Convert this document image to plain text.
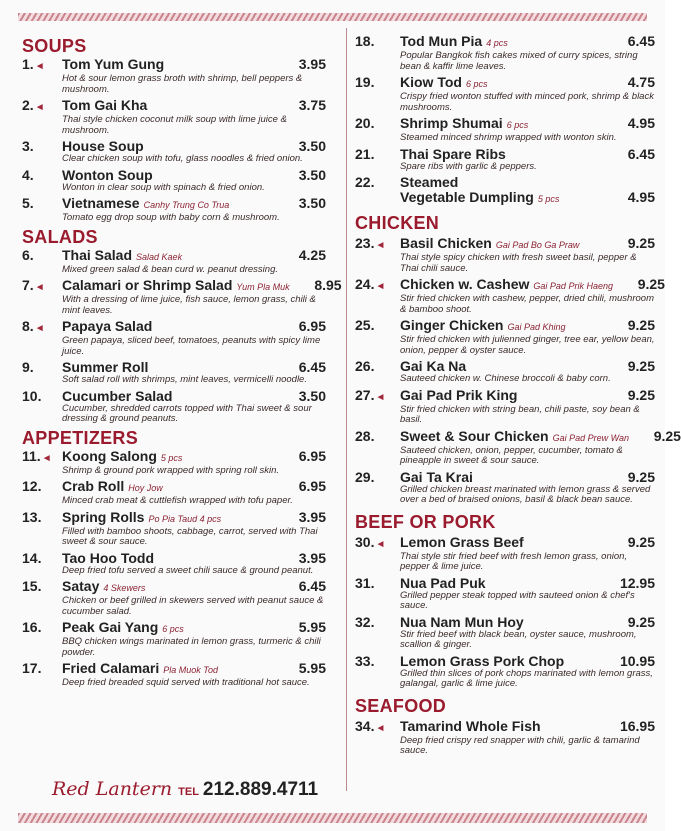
SOUPS
1.◄	Tom Yum Gung	3.95
Hot & sour lemon grass broth with shrimp, bell peppers & mushroom.
2.◄	Tom Gai Kha	3.75
Thai style chicken coconut milk soup with lime juice & mushroom.
3.	House Soup	3.50
Clear chicken soup with tofu, glass noodles & fried onion.
4.	Wonton Soup	3.50
Wonton in clear soup with spinach & fried onion.
5.	Vietnamese Canhy Trung Co Trua	3.50
Tomato egg drop soup with baby corn & mushroom.
SALADS
6.	Thai Salad Salad Kaek	4.25
Mixed green salad & bean curd w. peanut dressing.
7.◄	Calamari or Shrimp Salad Yum Pla Muk	8.95
With a dressing of lime juice, fish sauce, lemon grass, chili & mint leaves.
8.◄	Papaya Salad	6.95
Green papaya, sliced beef, tomatoes, peanuts with spicy lime juice.
9.	Summer Roll	6.45
Soft salad roll with shrimps, mint leaves, vermicelli noodle.
10.	Cucumber Salad	3.50
Cucumber, shredded carrots topped with Thai sweet & sour dressing & ground peanuts.
APPETIZERS
11.◄ Koong Salong 5 pcs	6.95
Shrimp & ground pork wrapped with spring roll skin.
12.	Crab Roll Hoy Jow	6.95
Minced crab meat & cuttlefish wrapped with tofu paper.
13.	Spring Rolls Po Pia Taud 4 pcs	3.95
Filled with bamboo shoots, cabbage, carrot, served with Thai sweet & sour sauce.
14.	Tao Hoo Todd	3.95
Deep fried tofu served a sweet chili sauce & ground peanut.
15.	Satay 4 Skewers	6.45
Chicken or beef grilled in skewers served with peanut sauce & cucumber salad.
16.	Peak Gai Yang 6 pcs	5.95
BBQ chicken wings marinated in lemon grass, turmeric & chili powder.
17.	Fried Calamari Pla Muok Tod	5.95
Deep fried breaded squid served with traditional hot sauce.
18.	Tod Mun Pia 4 pcs	6.45
Popular Bangkok fish cakes mixed of curry spices, string bean & kaffir lime leaves.
19.	Kiow Tod 6 pcs	4.75
Crispy fried wonton stuffed with minced pork, shrimp & black mushrooms.
20.	Shrimp Shumai 6 pcs	4.95
Steamed minced shrimp wrapped with wonton skin.
21.	Thai Spare Ribs	6.45
Spare ribs with garlic & peppers.
22.	Steamed
Vegetable Dumpling 5 pcs	4.95
CHICKEN
23.◄	Basil Chicken Gai Pad Bo Ga Praw	9.25
Thai style spicy chicken with fresh sweet basil, pepper & Thai chili sauce.
24.◄	Chicken w. Cashew Gai Pad Prik Haeng	9.25
Stir fried chicken with cashew, pepper, dried chili, mushroom & bamboo shoot.
25.	Ginger Chicken Gai Pad Khing	9.25
Stir fried chicken with julienned ginger, tree ear, yellow bean, onion, pepper & oyster sauce.
26.	Gai Ka Na	9.25
Sauteed chicken w. Chinese broccoli & baby corn.
27.◄	Gai Pad Prik King	9.25
Stir fried chicken with string bean, chili paste, soy bean & basil.
28.	Sweet & Sour Chicken Gai Pad Prew Wan	9.25
Sauteed chicken, onion, pepper, cucumber, tomato & pineapple in sweet & sour sauce.
29.	Gai Ta Krai	9.25
Grilled chicken breast marinated with lemon grass & served over a bed of braised onions, basil & black bean sauce.
BEEF OR PORK
30.◄	Lemon Grass Beef	9.25
Thai style stir fried beef with fresh lemon grass, onion, pepper & lime juice.
31.	Nua Pad Puk	12.95
Grilled pepper steak topped with sauteed onion & chef's sauce.
32.	Nua Nam Mun Hoy	9.25
Stir fried beef with black bean, oyster sauce, mushroom, scallion & ginger.
33.	Lemon Grass Pork Chop	10.95
Grilled thin slices of pork chops marinated with lemon grass, galangal, garlic & lime juice.
SEAFOOD
34.◄	Tamarind Whole Fish	16.95
Deep fried crispy red snapper with chili, garlic & tamarind sauce.
Red Lantern TEL 212.889.4711
